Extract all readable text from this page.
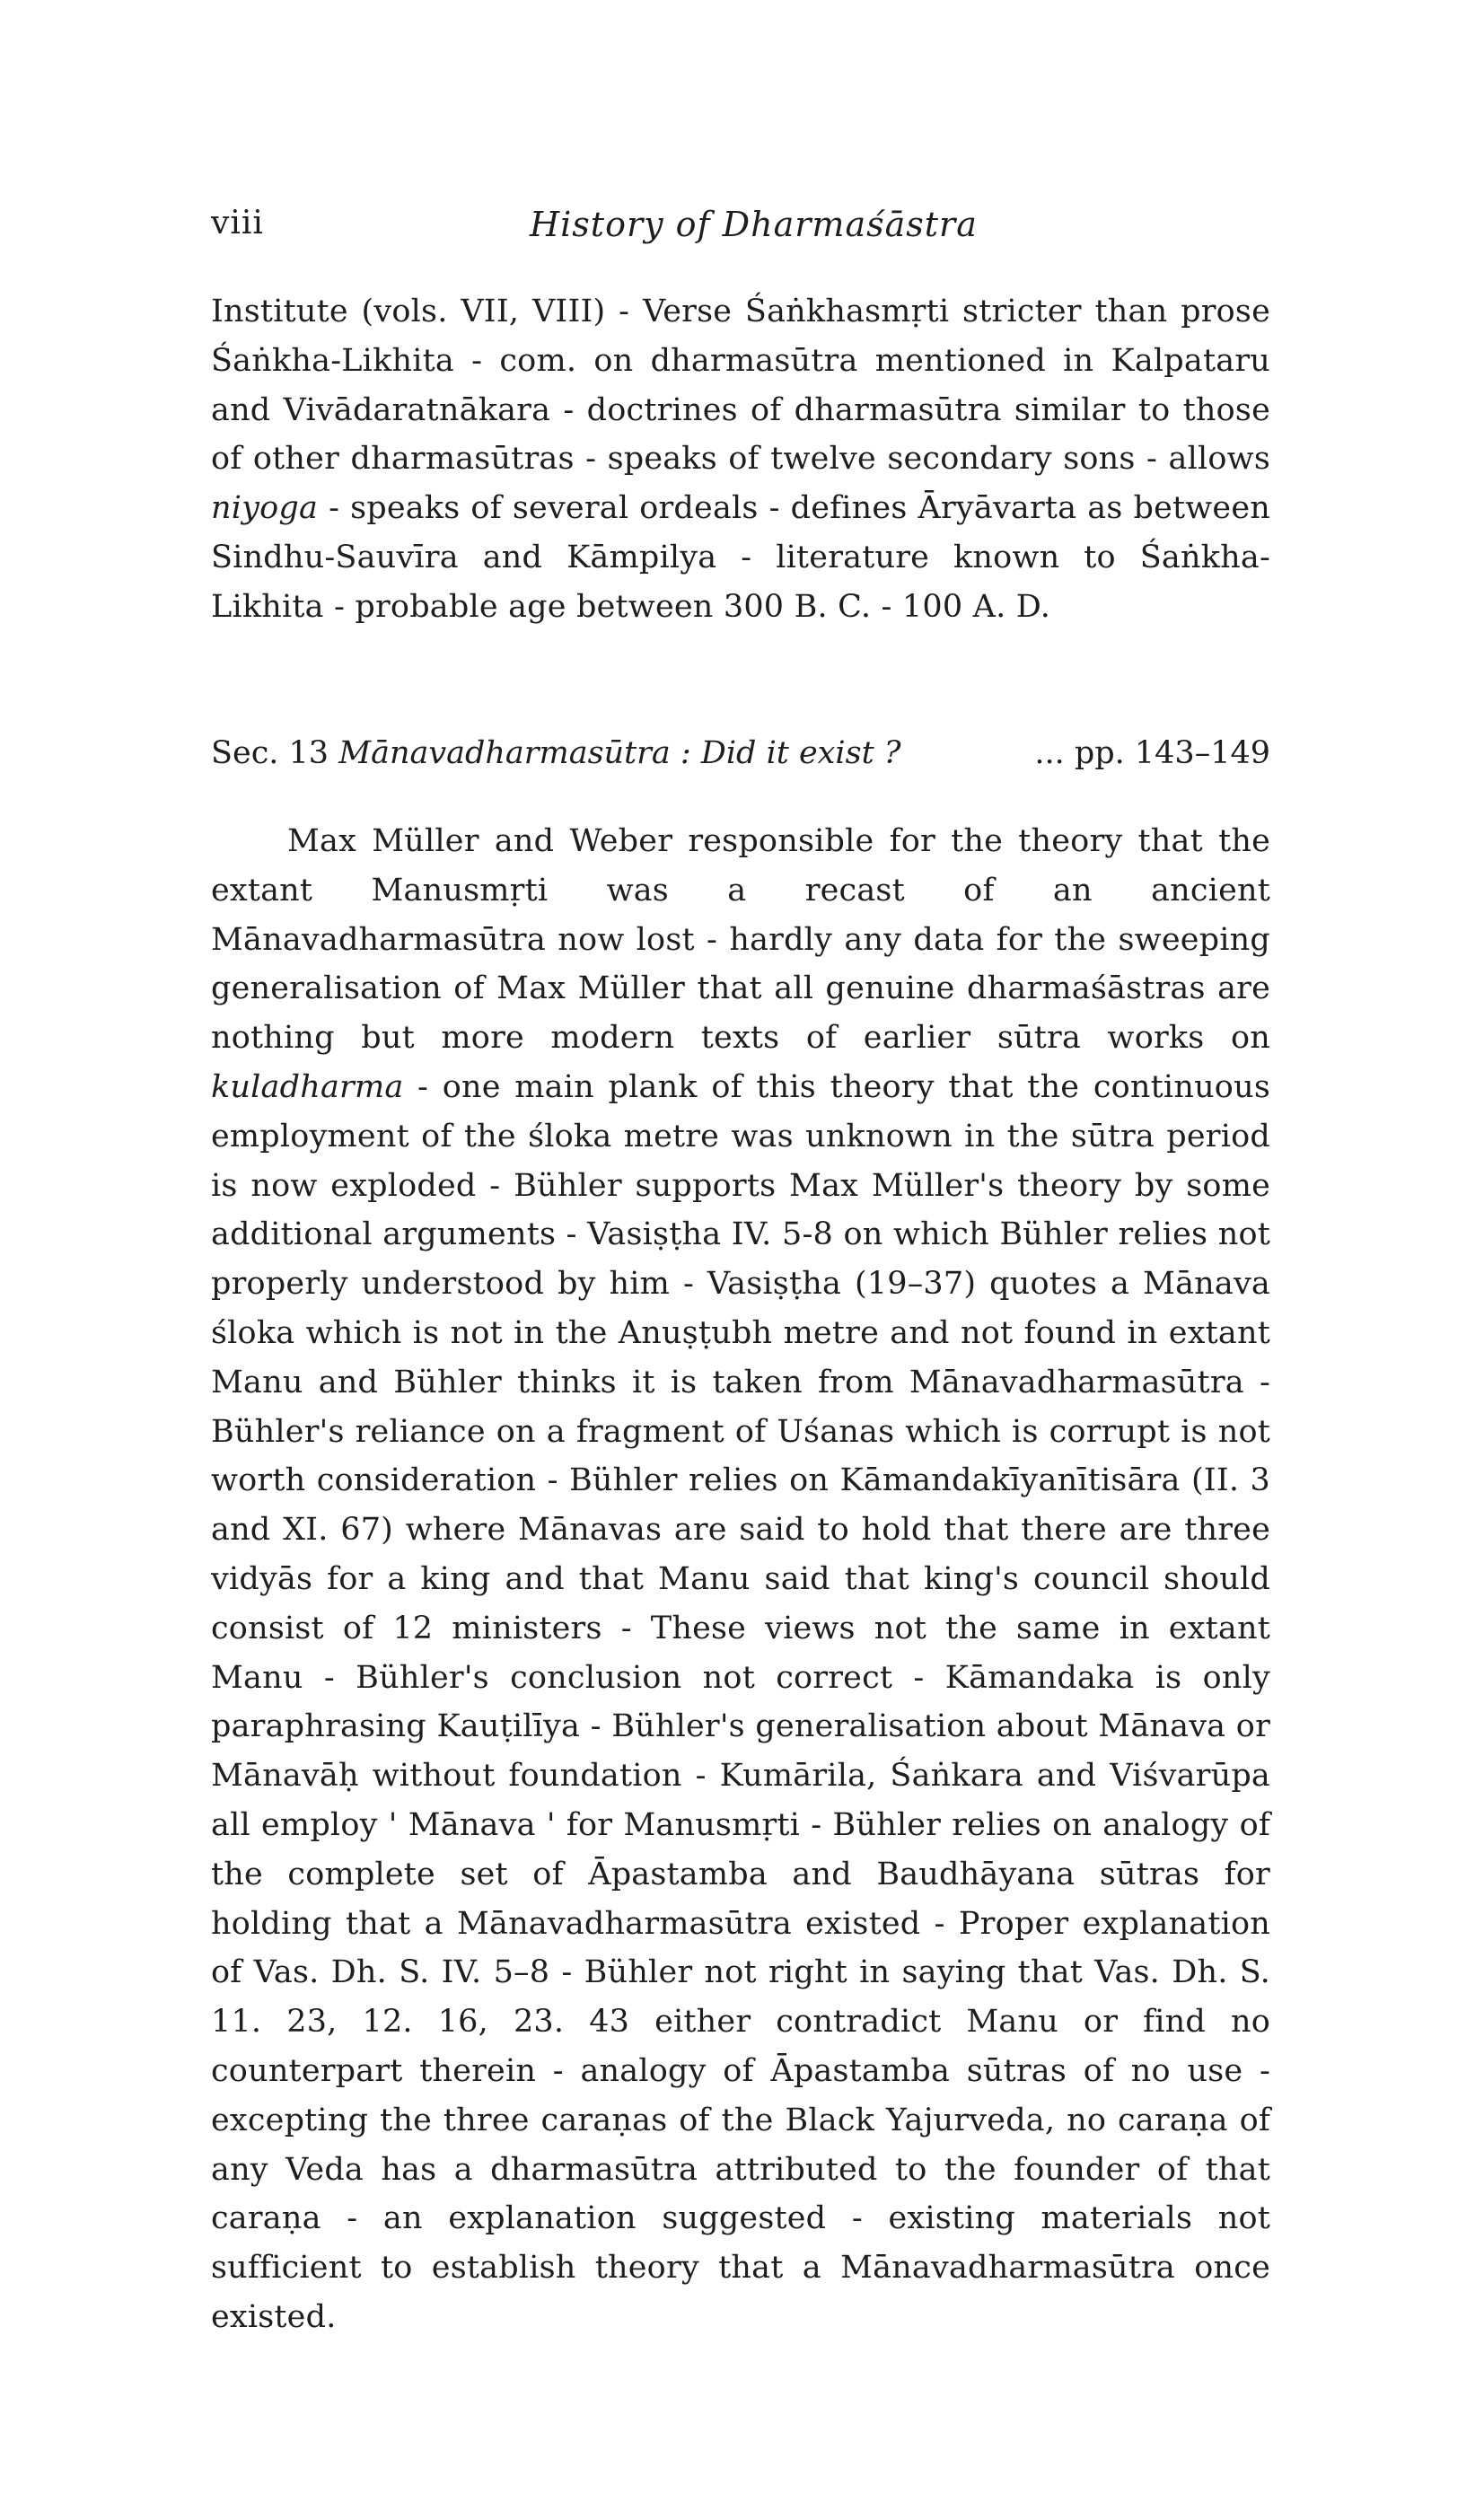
viii	History of Dharmaśāstra

Institute (vols. VII, VIII) - Verse Śaṅkhasmṛti stricter than prose Śaṅkha-Likhita - com. on dharmasūtra mentioned in Kalpataru and Vivādaratnākara - doctrines of dharmasūtra similar to those of other dharmasūtras - speaks of twelve secondary sons - allows niyoga - speaks of several ordeals - defines Āryāvarta as between Sindhu-Sauvīra and Kāmpilya - literature known to Śaṅkha-Likhita - probable age between 300 B. C. - 100 A. D.

Sec. 13 Mānavadharmasūtra : Did it exist ?	... pp. 143–149

Max Müller and Weber responsible for the theory that the extant Manusmṛti was a recast of an ancient Mānavadharmasūtra now lost - hardly any data for the sweeping generalisation of Max Müller that all genuine dharmaśāstras are nothing but more modern texts of earlier sūtra works on kuladharma - one main plank of this theory that the continuous employment of the śloka metre was unknown in the sūtra period is now exploded - Bühler supports Max Müller's theory by some additional arguments - Vasiṣṭha IV. 5-8 on which Bühler relies not properly understood by him - Vasiṣṭha (19–37) quotes a Mānava śloka which is not in the Anuṣṭubh metre and not found in extant Manu and Bühler thinks it is taken from Mānavadharmasūtra - Bühler's reliance on a fragment of Uśanas which is corrupt is not worth consideration - Bühler relies on Kāmandakīyanītisāra (II. 3 and XI. 67) where Mānavas are said to hold that there are three vidyās for a king and that Manu said that king's council should consist of 12 ministers - These views not the same in extant Manu - Bühler's conclusion not correct - Kāmandaka is only paraphrasing Kauṭilīya - Bühler's generalisation about Mānava or Mānavāḥ without foundation - Kumārila, Śaṅkara and Viśvarūpa all employ ' Mānava ' for Manusmṛti - Bühler relies on analogy of the complete set of Āpastamba and Baudhāyana sūtras for holding that a Mānavadharmasūtra existed - Proper explanation of Vas. Dh. S. IV. 5–8 - Bühler not right in saying that Vas. Dh. S. 11. 23, 12. 16, 23. 43 either contradict Manu or find no counterpart therein - analogy of Āpastamba sūtras of no use - excepting the three caraṇas of the Black Yajurveda, no caraṇa of any Veda has a dharmasūtra attributed to the founder of that caraṇa - an explanation suggested - existing materials not sufficient to establish theory that a Mānavadharmasūtra once existed.
